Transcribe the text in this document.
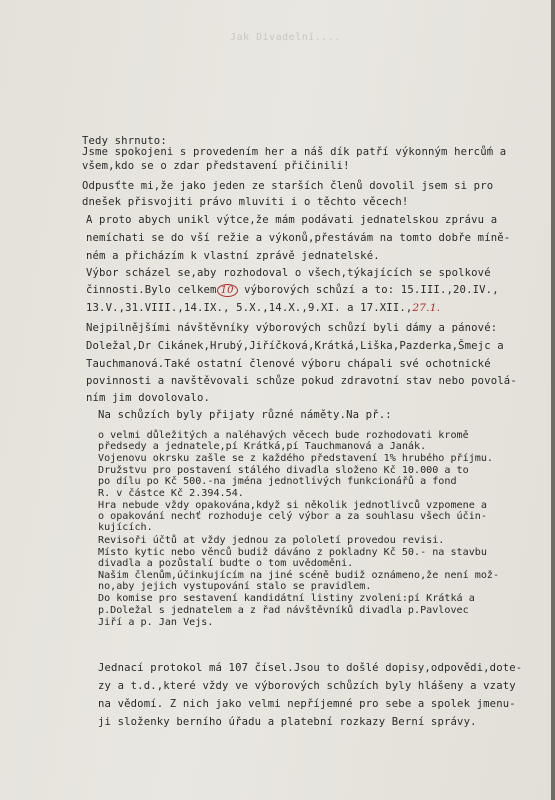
Jak Divadelní....
Tedy shrnuto:
Jsme spokojeni s provedením her a náš dík patří výkonným herců́m a
všem,kdo se o zdar představení přičinili!
Odpusťte mi,že jako jeden ze starších členů dovolil jsem si pro
dnešek přisvojiti právo mluviti i o těchto věcech!
A proto abych unikl výtce,že mám podávati jednatelskou zprávu a
nemíchati se do vší režie a výkonů,přestávám na tomto dobře míně-
ném a přicházím k vlastní zprávě jednatelské.
Výbor scházel se,aby rozhodoval o všech,týkajících se spolkové
činnosti.Bylo celkem 10 výborových schůzí a to: 15.III.,20.IV.,
13.V.,31.VIII.,14.IX., 5.X.,14.X.,9.XI. a 17.XII.,27.1.
Nejpilnějšími návštěvníky výborových schůzí byli dámy a pánové:
Doležal,Dr Cikánek,Hrubý,Jiříčková,Krátká,Liška,Pazderka,Šmejc a
Tauchmanová.Také ostatní členové výboru chápali své ochotnické
povinnosti a navštěvovali schůze pokud zdravotní stav nebo povolá-
ním jim dovolovalo.
Na schůzích byly přijaty různé náměty.Na př.:
o velmi důležitých a naléhavých věcech bude rozhodovati kromě
předsedy a jednatele,pí Krátká,pí Tauchmanová a Janák.
Vojenovu okrsku zašle se z každého představení 1% hrubého příjmu.
Družstvu pro postavení stálého divadla složeno Kč 10.000 a to
po dílu po Kč 500.-na jména jednotlivých funkcionářů a fond
R. v částce Kč 2.394.54.
Hra nebude vždy opakována,když si několik jednotlivců vzpomene a
o opakování nechť rozhoduje celý výbor a za souhlasu všech účin-
kujících.
Revisoři účtů at vždy jednou za pololetí provedou revisi.
Místo kytic nebo věnců budiž dáváno z pokladny Kč 50.- na stavbu
divadla a pozůstalí budte o tom uvědoměni.
Našim členům,účinkujícím na jiné scéně budiž oznámeno,že není mož-
no,aby jejich vystupování stalo se pravidlem.
Do komise pro sestavení kandidátní listiny zvoleni:pí Krátká a
p.Doležal s jednatelem a z řad návštěvníků divadla p.Pavlovec
Jiří a p. Jan Vejs.
Jednací protokol má 107 čísel.Jsou to došlé dopisy,odpovědi,dote-
zy a t.d.,které vždy ve výborových schůzích byly hlášeny a vzaty
na vědomí. Z nich jako velmi nepříjemné pro sebe a spolek jmenu-
ji složenky berního úřadu a platební rozkazy Berní správy.
